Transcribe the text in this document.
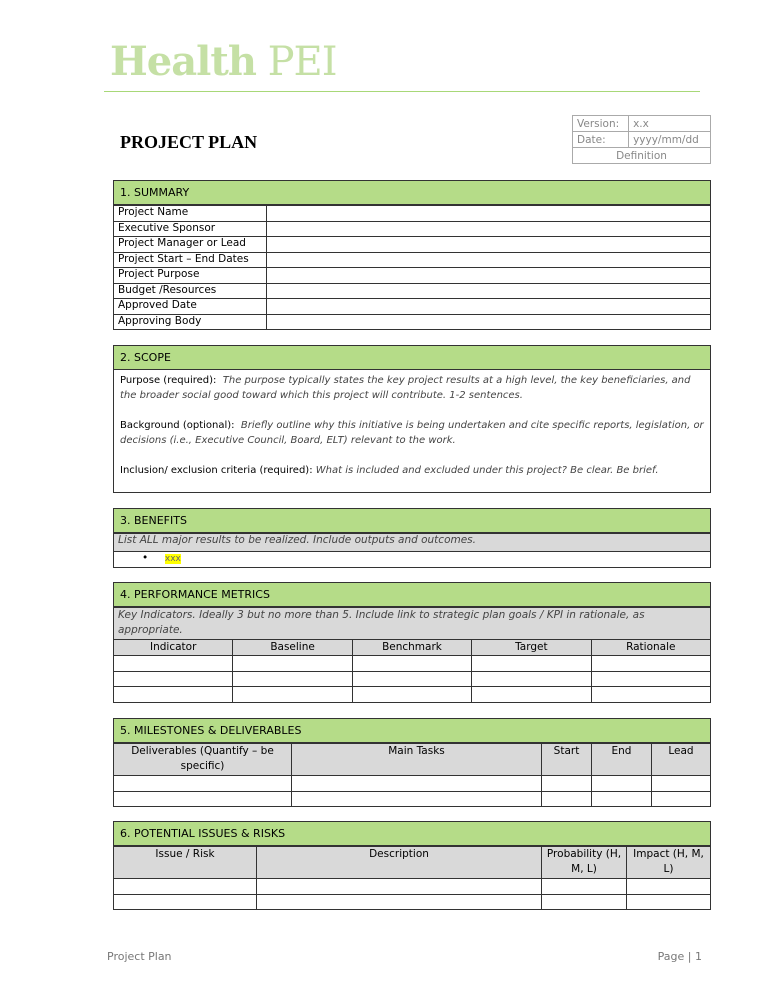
Health PEI
PROJECT PLAN
Version:	x.x
Date:	yyyy/mm/dd
Definition	
1. SUMMARY
Project Name	
Executive Sponsor	
Project Manager or Lead	
Project Start – End Dates	
Project Purpose	
Budget /Resources	
Approved Date	
Approving Body	
2. SCOPE

Purpose (required): The purpose typically states the key project results at a high level, the key beneficiaries, and the broader social good toward which this project will contribute. 1-2 sentences.

Background (optional): Briefly outline why this initiative is being undertaken and cite specific reports, legislation, or decisions (i.e., Executive Council, Board, ELT) relevant to the work.

Inclusion/ exclusion criteria (required): What is included and excluded under this project? Be clear. Be brief.

3. BENEFITS
List ALL major results to be realized. Include outputs and outcomes.
•     xxx
4. PERFORMANCE METRICS
Key Indicators. Ideally 3 but no more than 5. Include link to strategic plan goals / KPI in rationale, as appropriate.				
Indicator	Baseline	Benchmark	Target	Rationale

5. MILESTONES & DELIVERABLES
Deliverables (Quantify – be specific)	Main Tasks	Start	End	Lead

6. POTENTIAL ISSUES & RISKS
Issue / Risk	Description	Probability (H, M, L)	Impact (H, M, L)

Project Plan	Page | 1
